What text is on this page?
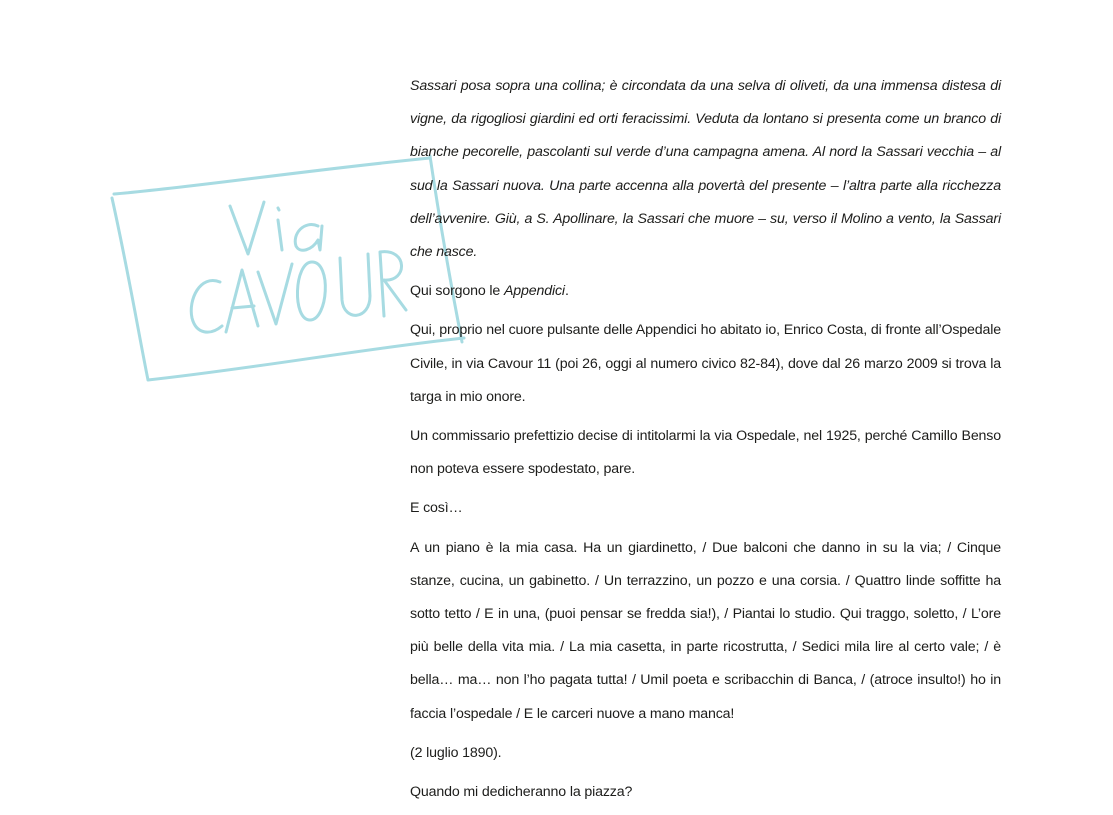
Sassari posa sopra una collina; è circondata da una selva di oliveti, da una immensa distesa di vigne, da rigogliosi giardini ed orti feracissimi. Veduta da lontano si presenta come un branco di bianche pecorelle, pascolanti sul verde d’una campagna amena. Al nord la Sassari vecchia – al sud la Sassari nuova. Una parte accenna alla povertà del presente – l’altra parte alla ricchezza dell’avvenire. Giù, a S. Apollinare, la Sassari che muore – su, verso il Molino a vento, la Sassari che nasce.

Qui sorgono le Appendici.

Qui, proprio nel cuore pulsante delle Appendici ho abitato io, Enrico Costa, di fronte all’Ospedale Civile, in via Cavour 11 (poi 26, oggi al numero civico 82-84), dove dal 26 marzo 2009 si trova la targa in mio onore.

Un commissario prefettizio decise di intitolarmi la via Ospedale, nel 1925, perché Camillo Benso non poteva essere spodestato, pare.

E così…

A un piano è la mia casa. Ha un giardinetto, / Due balconi che danno in su la via; / Cinque stanze, cucina, un gabinetto. / Un terrazzino, un pozzo e una corsia. / Quattro linde soffitte ha sotto tetto / E in una, (puoi pensar se fredda sia!), / Piantai lo studio. Qui traggo, soletto, / L’ore più belle della vita mia. / La mia casetta, in parte ricostrutta, / Sedici mila lire al certo vale; / è bella… ma… non l’ho pagata tutta! / Umil poeta e scribacchin di Banca, / (atroce insulto!) ho in faccia l’ospedale / E le carceri nuove a mano manca!

(2 luglio 1890).

Quando mi dedicheranno la piazza?
